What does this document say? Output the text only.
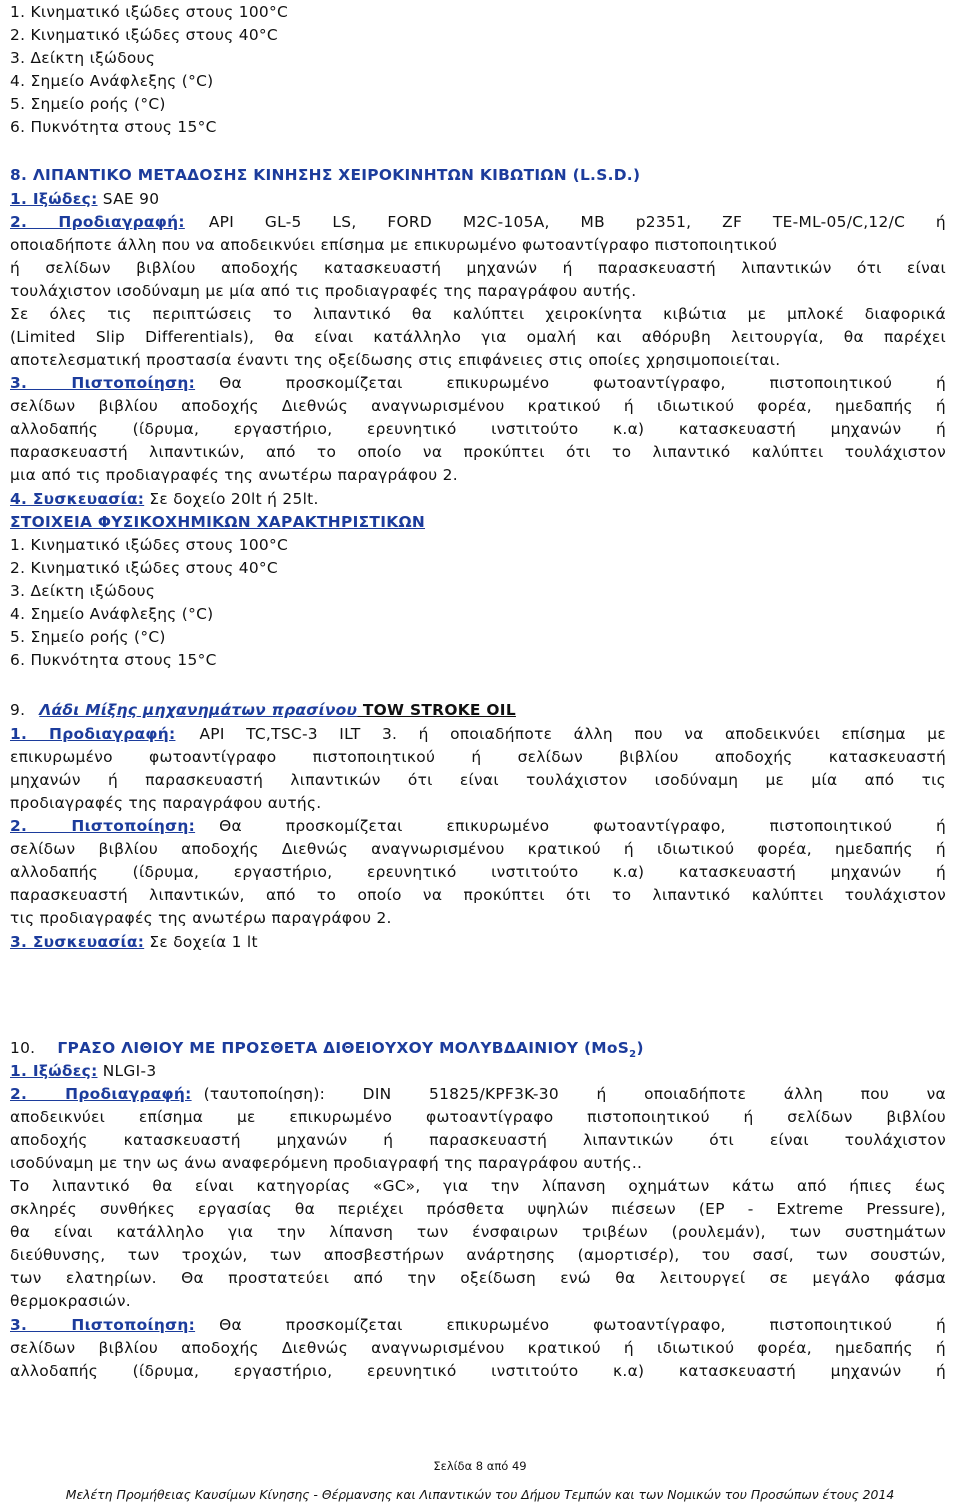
1. Κινηματικό ιξώδες στους 100°C
2. Κινηματικό ιξώδες στους 40°C
3. Δείκτη ιξώδους
4. Σημείο Ανάφλεξης (°C)
5. Σημείο ροής (°C)
6. Πυκνότητα στους 15°C
8. ΛΙΠΑΝΤΙΚΟ ΜΕΤΑΔΟΣΗΣ ΚΙΝΗΣΗΣ ΧΕΙΡΟΚΙΝΗΤΩΝ ΚΙΒΩΤΙΩΝ (L.S.D.)
1. Ιξώδες: SAE 90
2. Προδιαγραφή: API GL-5 LS, FORD M2C-105A, MB p2351, ZF TE-ML-05/C,12/C ή
οποιαδήποτε άλλη που να αποδεικνύει επίσημα με επικυρωμένο φωτοαντίγραφο πιστοποιητικού
ή σελίδων βιβλίου αποδοχής κατασκευαστή μηχανών ή παρασκευαστή λιπαντικών ότι είναι
τουλάχιστον ισοδύναμη με μία από τις προδιαγραφές της παραγράφου αυτής.
Σε όλες τις περιπτώσεις το λιπαντικό θα καλύπτει χειροκίνητα κιβώτια με μπλοκέ διαφορικά
(Limited Slip Differentials), θα είναι κατάλληλο για ομαλή και αθόρυβη λειτουργία, θα παρέχει
αποτελεσματική προστασία έναντι της οξείδωσης στις επιφάνειες στις οποίες χρησιμοποιείται.
3. Πιστοποίηση: Θα προσκομίζεται επικυρωμένο φωτοαντίγραφο, πιστοποιητικού ή
σελίδων βιβλίου αποδοχής Διεθνώς αναγνωρισμένου κρατικού ή ιδιωτικού φορέα, ημεδαπής ή
αλλοδαπής (ίδρυμα, εργαστήριο, ερευνητικό ινστιτούτο κ.α) κατασκευαστή μηχανών ή
παρασκευαστή λιπαντικών, από το οποίο να προκύπτει ότι το λιπαντικό καλύπτει τουλάχιστον
μια από τις προδιαγραφές της ανωτέρω παραγράφου 2.
4. Συσκευασία: Σε δοχείο 20lt ή 25lt.
ΣΤΟΙΧΕΙΑ ΦΥΣΙΚΟΧΗΜΙΚΩΝ ΧΑΡΑΚΤΗΡΙΣΤΙΚΩΝ
1. Κινηματικό ιξώδες στους 100°C
2. Κινηματικό ιξώδες στους 40°C
3. Δείκτη ιξώδους
4. Σημείο Ανάφλεξης (°C)
5. Σημείο ροής (°C)
6. Πυκνότητα στους 15°C
9. Λάδι Μίξης μηχανημάτων πρασίνου TOW STROKE OIL
1. Προδιαγραφή: API TC,TSC-3 ILT 3. ή οποιαδήποτε άλλη που να αποδεικνύει επίσημα με
επικυρωμένο φωτοαντίγραφο πιστοποιητικού ή σελίδων βιβλίου αποδοχής κατασκευαστή
μηχανών ή παρασκευαστή λιπαντικών ότι είναι τουλάχιστον ισοδύναμη με μία από τις
προδιαγραφές της παραγράφου αυτής.
2. Πιστοποίηση: Θα προσκομίζεται επικυρωμένο φωτοαντίγραφο, πιστοποιητικού ή
σελίδων βιβλίου αποδοχής Διεθνώς αναγνωρισμένου κρατικού ή ιδιωτικού φορέα, ημεδαπής ή
αλλοδαπής (ίδρυμα, εργαστήριο, ερευνητικό ινστιτούτο κ.α) κατασκευαστή μηχανών ή
παρασκευαστή λιπαντικών, από το οποίο να προκύπτει ότι το λιπαντικό καλύπτει τουλάχιστον
τις προδιαγραφές της ανωτέρω παραγράφου 2.
3. Συσκευασία: Σε δοχεία 1 lt
10. ΓΡΑΣΟ ΛΙΘΙΟΥ ΜΕ ΠΡΟΣΘΕΤΑ ΔΙΘΕΙΟΥΧΟΥ ΜΟΛΥΒΔΑΙΝΙΟΥ (MoS$_2$)
1. Ιξώδες: NLGI-3
2. Προδιαγραφή: (ταυτοποίηση): DIN 51825/KPF3K-30 ή οποιαδήποτε άλλη που να
αποδεικνύει επίσημα με επικυρωμένο φωτοαντίγραφο πιστοποιητικού ή σελίδων βιβλίου
αποδοχής κατασκευαστή μηχανών ή παρασκευαστή λιπαντικών ότι είναι τουλάχιστον
ισοδύναμη με την ως άνω αναφερόμενη προδιαγραφή της παραγράφου αυτής..
Το λιπαντικό θα είναι κατηγορίας «GC», για την λίπανση οχημάτων κάτω από ήπιες έως
σκληρές συνθήκες εργασίας θα περιέχει πρόσθετα υψηλών πιέσεων (EP - Extreme Pressure),
θα είναι κατάλληλο για την λίπανση των ένσφαιρων τριβέων (ρουλεμάν), των συστημάτων
διεύθυνσης, των τροχών, των αποσβεστήρων ανάρτησης (αμορτισέρ), του σασί, των σουστών,
των ελατηρίων. Θα προστατεύει από την οξείδωση ενώ θα λειτουργεί σε μεγάλο φάσμα
θερμοκρασιών.
3. Πιστοποίηση: Θα προσκομίζεται επικυρωμένο φωτοαντίγραφο, πιστοποιητικού ή
σελίδων βιβλίου αποδοχής Διεθνώς αναγνωρισμένου κρατικού ή ιδιωτικού φορέα, ημεδαπής ή
αλλοδαπής (ίδρυμα, εργαστήριο, ερευνητικό ινστιτούτο κ.α) κατασκευαστή μηχανών ή
Σελίδα 8 από 49
Μελέτη Προμήθειας Καυσίμων Κίνησης - Θέρμανσης και Λιπαντικών του Δήμου Τεμπών και των Νομικών του Προσώπων έτους 2014
